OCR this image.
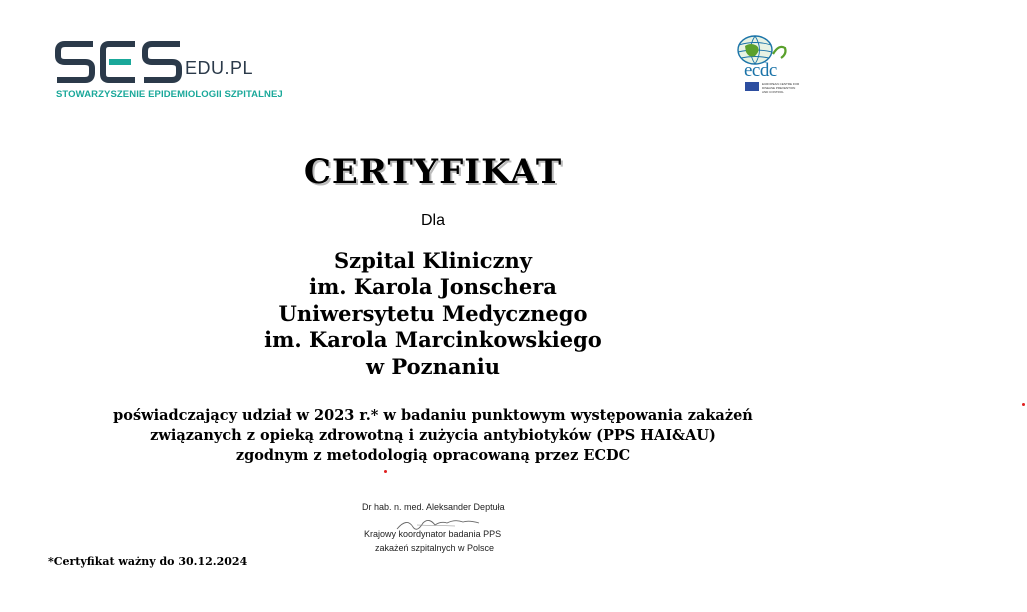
EDU.PL
STOWARZYSZENIE EPIDEMIOLOGII SZPITALNEJ
ecdc
EUROPEAN CENTRE FOR
DISEASE PREVENTION
AND CONTROL
CERTYFIKAT
Dla
Szpital Kliniczny
im. Karola Jonschera
Uniwersytetu Medycznego
im. Karola Marcinkowskiego
w Poznaniu
poświadczający udział w 2023 r.* w badaniu punktowym występowania zakażeń
związanych z opieką zdrowotną i zużycia antybiotyków (PPS HAI&AU)
zgodnym z metodologią opracowaną przez ECDC
Dr hab. n. med. Aleksander Deptuła
Krajowy koordynator badania PPS
zakażeń szpitalnych w Polsce
*Certyfikat ważny do 30.12.2024
